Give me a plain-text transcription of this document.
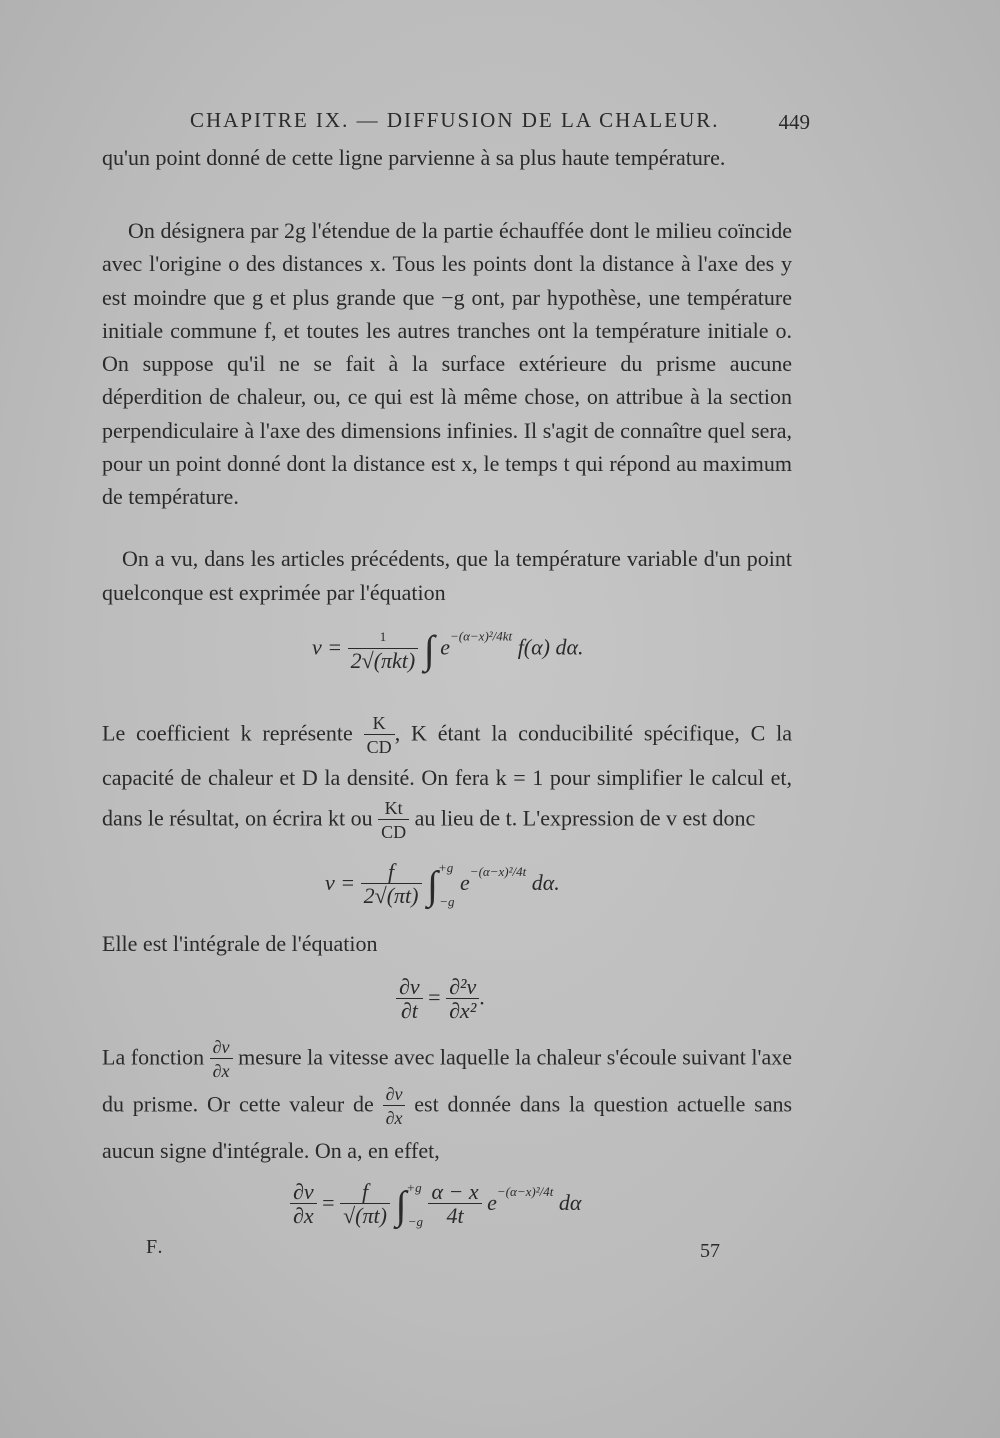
CHAPITRE IX. — DIFFUSION DE LA CHALEUR.	449
qu'un point donné de cette ligne parvienne à sa plus haute température.
On désignera par 2g l'étendue de la partie échauffée dont le milieu coïncide avec l'origine o des distances x. Tous les points dont la distance à l'axe des y est moindre que g et plus grande que −g ont, par hypothèse, une température initiale commune f, et toutes les autres tranches ont la température initiale o. On suppose qu'il ne se fait à la surface extérieure du prisme aucune déperdition de chaleur, ou, ce qui est là même chose, on attribue à la section perpendiculaire à l'axe des dimensions infinies. Il s'agit de connaître quel sera, pour un point donné dont la distance est x, le temps t qui répond au maximum de température.
On a vu, dans les articles précédents, que la température variable d'un point quelconque est exprimée par l'équation
$v = \frac{1}{\text{2√(πkt)}}$ ∫ $e^{-(\alpha-x)^2/4kt}$ f(α) dα.
Le coefficient k représente $\frac{K}{CD}$ , K étant la conducibilité spécifique, C la capacité de chaleur et D la densité. On fera k = 1 pour simplifier le calcul et, dans le résultat, on écrira kt ou $\frac{Kt}{CD}$ au lieu de t. L'expression de v est donc
$v = \frac{f}{2√(\pi t)} \int^{+g}_{-g}$ $e^{-(\alpha-x)^2/4t}$ dα.
Elle est l'intégrale de l'équation
$\frac{\partial v}{\partial t} = \frac{\text{∂²v}}{\text{∂x²}}$ .
La fonction $\frac{\partial v}{\partial x}$ mesure la vitesse avec laquelle la chaleur s'écoule suivant l'axe du prisme. Or cette valeur de $\frac{\partial v}{\partial x}$ est donnée dans la question actuelle sans aucun signe d'intégrale. On a, en effet,
$\frac{\partial v}{\partial x} = \frac{f}{√(\pi t)} \int^{+g}_{-g} \frac{\alpha - x}{4t} e^{-(\alpha-x)^2/4t}$ dα
F.	57
